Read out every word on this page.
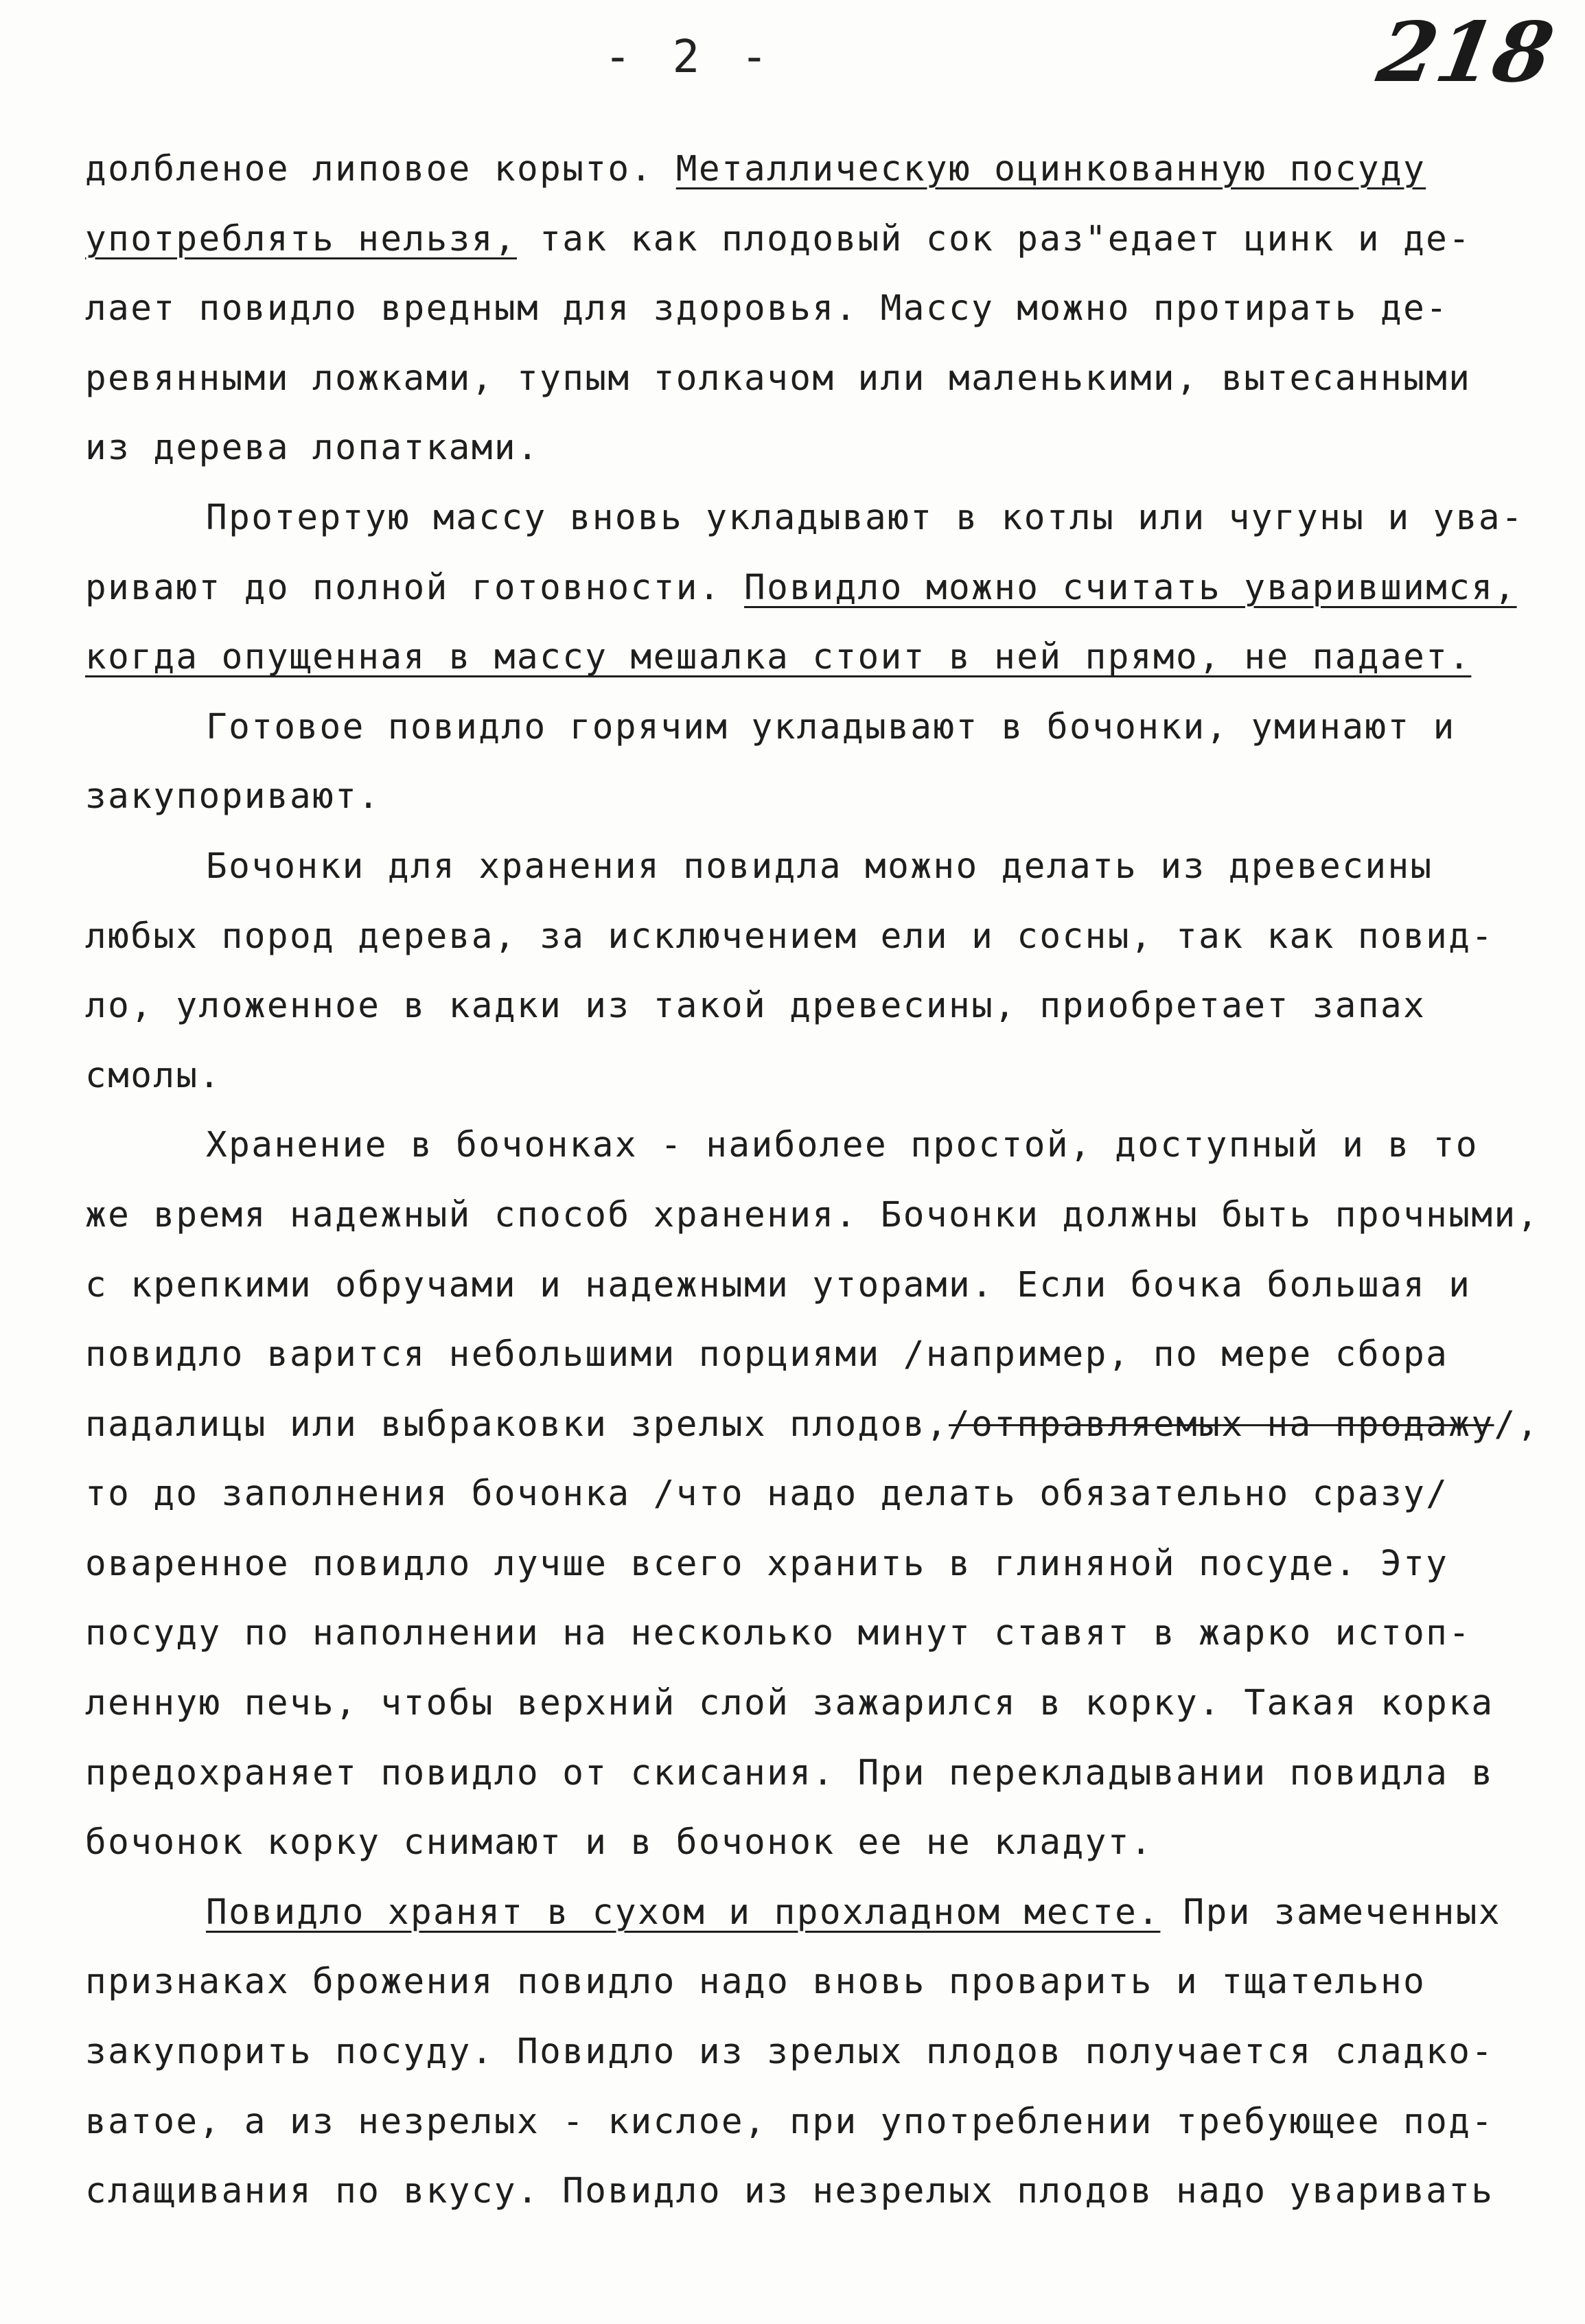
- 2 -	218
долбленое липовое корыто. Металлическую оцинкованную посуду
употреблять нельзя, так как плодовый сок раз"едает цинк и де-
лает повидло вредным для здоровья. Массу можно протирать де-
ревянными ложками, тупым толкачом или маленькими, вытесанными
из дерева лопатками.
Протертую массу вновь укладывают в котлы или чугуны и ува-
ривают до полной готовности. Повидло можно считать уварившимся,
когда опущенная в массу мешалка стоит в ней прямо, не падает.
Готовое повидло горячим укладывают в бочонки, уминают и
закупоривают.
Бочонки для хранения повидла можно делать из древесины
любых пород дерева, за исключением ели и сосны, так как повид-
ло, уложенное в кадки из такой древесины, приобретает запах
смолы.
Хранение в бочонках - наиболее простой, доступный и в то
же время надежный способ хранения. Бочонки должны быть прочными,
с крепкими обручами и надежными уторами. Если бочка большая и
повидло варится небольшими порциями /например, по мере сбора
падалицы или выбраковки зрелых плодов,/отправляемых на продажу/,
то до заполнения бочонка /что надо делать обязательно сразу/
оваренное повидло лучше всего хранить в глиняной посуде. Эту
посуду по наполнении на несколько минут ставят в жарко истоп-
ленную печь, чтобы верхний слой зажарился в корку. Такая корка
предохраняет повидло от скисания. При перекладывании повидла в
бочонок корку снимают и в бочонок ее не кладут.
Повидло хранят в сухом и прохладном месте. При замеченных
признаках брожения повидло надо вновь проварить и тщательно
закупорить посуду. Повидло из зрелых плодов получается сладко-
ватое, а из незрелых - кислое, при употреблении требующее под-
слащивания по вкусу. Повидло из незрелых плодов надо уваривать
